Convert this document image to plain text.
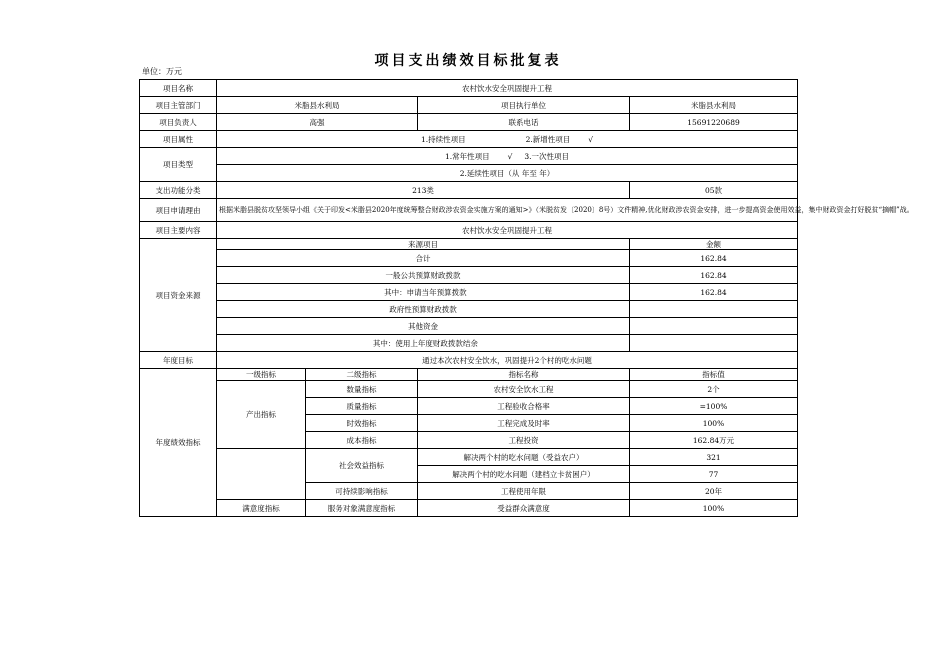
项目支出绩效目标批复表
单位：万元
项目名称	农村饮水安全巩固提升工程			
项目主管部门	米脂县水利局		项目执行单位	米脂县水利局
项目负责人	高强		联系电话	15691220689
项目属性	1.持续性项目 2.新增性项目 √			
项目类型	1.常年性项目 √ 3.一次性项目			
	2.延续性项目（从 年至 年）			
支出功能分类	213类			05款
项目申请理由	根据米脂县脱贫攻坚领导小组《关于印发<米脂县2020年度统筹整合财政涉农资金实施方案的通知>》（米脱贫发〔2020〕8号）文件精神,优化财政涉农资金安排，进一步提高资金使用效益，集中财政资金打好脱贫“摘帽”战。			
项目主要内容	农村饮水安全巩固提升工程			
项目资金来源	来源项目			金额
	合计			162.84
	一般公共预算财政拨款			162.84
	其中：申请当年预算拨款			162.84
	政府性预算财政拨款			
	其他资金			
	其中：使用上年度财政拨款结余			
年度目标	通过本次农村安全饮水，巩固提升2个村的吃水问题			
年度绩效指标	一级指标	二级指标	指标名称	指标值
	产出指标	数量指标	农村安全饮水工程	2个
		质量指标	工程验收合格率	=100%
		时效指标	工程完成及时率	100%
		成本指标	工程投资	162.84万元
		社会效益指标	解决两个村的吃水问题（受益农户）	321
			解决两个村的吃水问题（建档立卡贫困户）	77
		可持续影响指标	工程使用年限	20年
	满意度指标	服务对象满意度指标	受益群众满意度	100%
